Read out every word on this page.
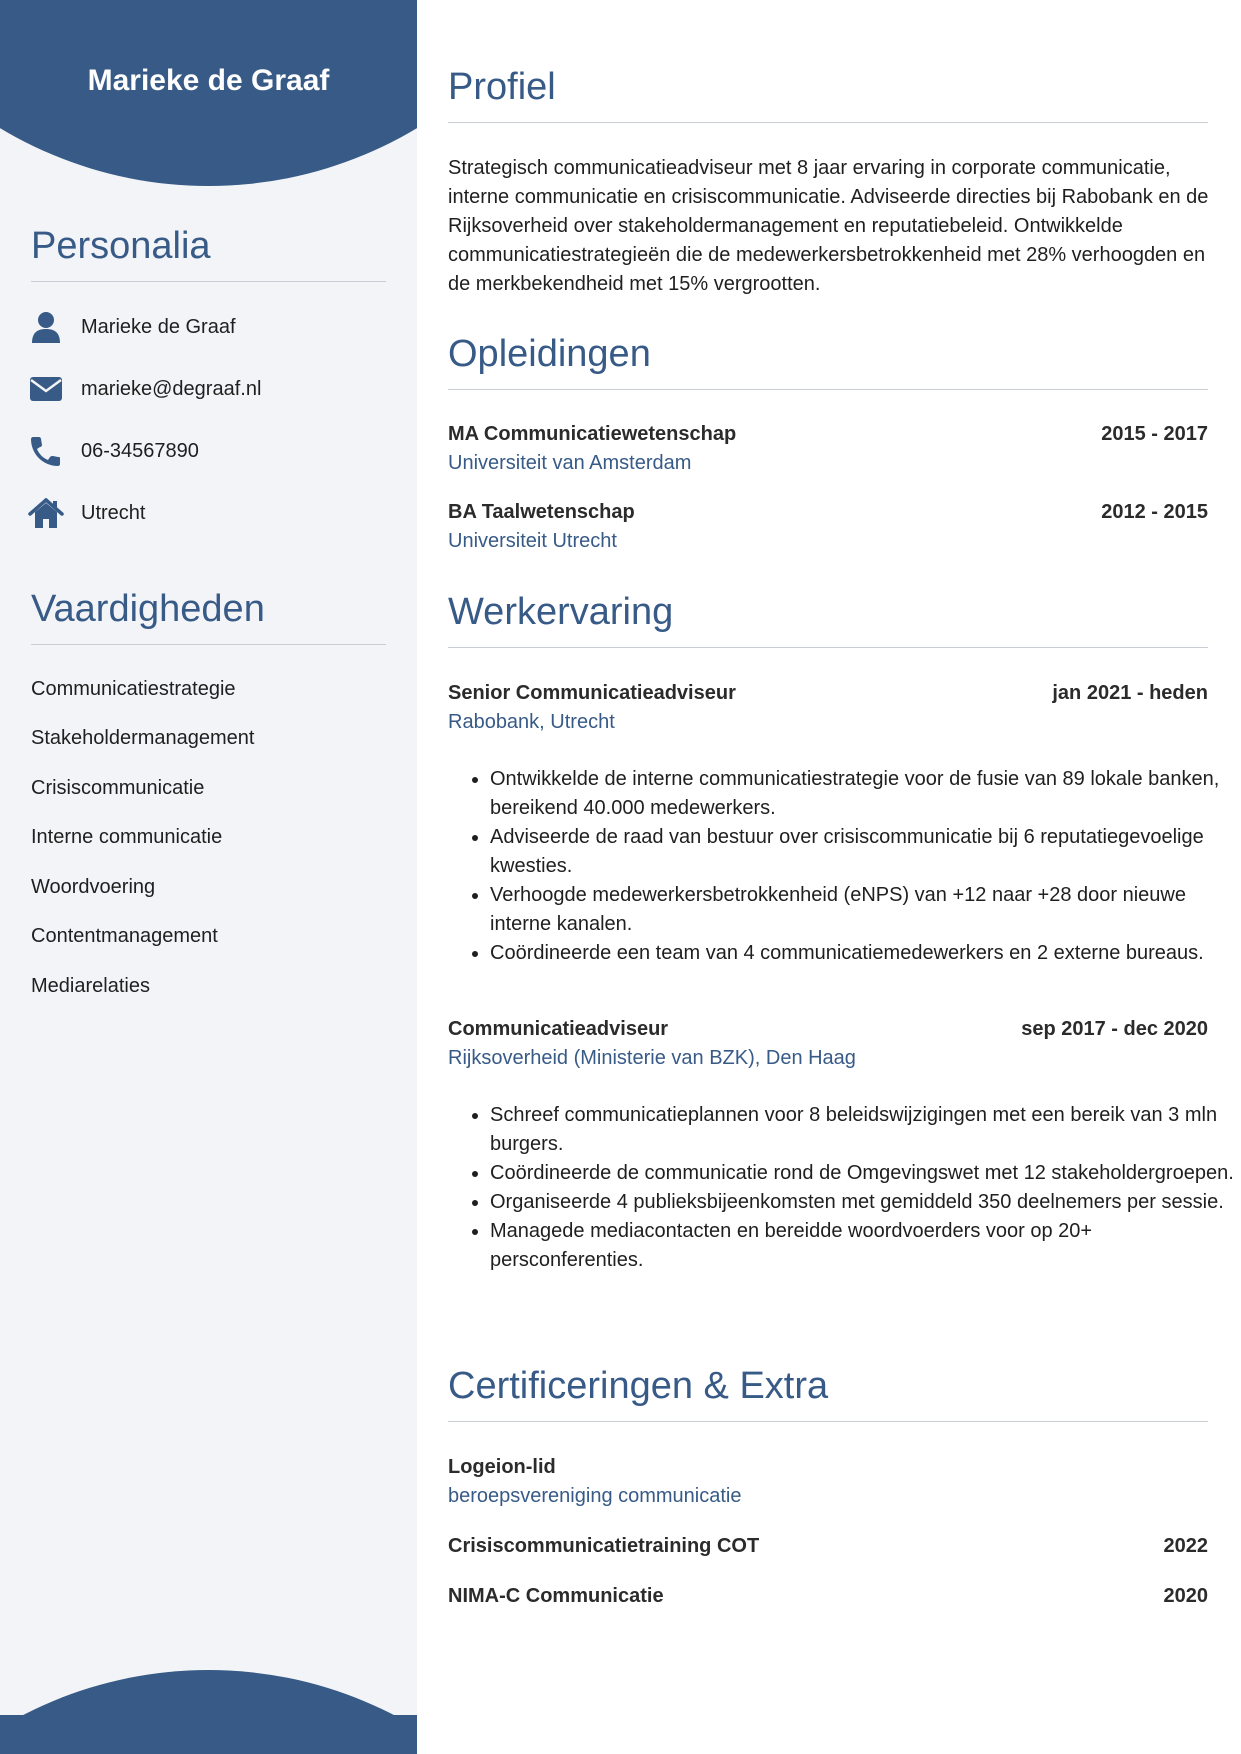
Marieke de Graaf
Personalia
Marieke de Graaf
marieke@degraaf.nl
06-34567890
Utrecht
Vaardigheden
Communicatiestrategie
Stakeholdermanagement
Crisiscommunicatie
Interne communicatie
Woordvoering
Contentmanagement
Mediarelaties
Profiel
Strategisch communicatieadviseur met 8 jaar ervaring in corporate communicatie, interne communicatie en crisiscommunicatie. Adviseerde directies bij Rabobank en de Rijksoverheid over stakeholdermanagement en reputatiebeleid. Ontwikkelde communicatiestrategieën die de medewerkersbetrokkenheid met 28% verhoogden en de merkbekendheid met 15% vergrootten.
Opleidingen
MA Communicatiewetenschap	2015 - 2017
Universiteit van Amsterdam
BA Taalwetenschap	2012 - 2015
Universiteit Utrecht
Werkervaring
Senior Communicatieadviseur	jan 2021 - heden
Rabobank, Utrecht
• Ontwikkelde de interne communicatiestrategie voor de fusie van 89 lokale banken, bereikend 40.000 medewerkers.
• Adviseerde de raad van bestuur over crisiscommunicatie bij 6 reputatiegevoelige kwesties.
• Verhoogde medewerkersbetrokkenheid (eNPS) van +12 naar +28 door nieuwe interne kanalen.
• Coördineerde een team van 4 communicatiemedewerkers en 2 externe bureaus.
Communicatieadviseur	sep 2017 - dec 2020
Rijksoverheid (Ministerie van BZK), Den Haag
• Schreef communicatieplannen voor 8 beleidswijzigingen met een bereik van 3 mln burgers.
• Coördineerde de communicatie rond de Omgevingswet met 12 stakeholdergroepen.
• Organiseerde 4 publieksbijeenkomsten met gemiddeld 350 deelnemers per sessie.
• Managede mediacontacten en bereidde woordvoerders voor op 20+ persconferenties.
Certificeringen & Extra
Logeion-lid
beroepsvereniging communicatie
Crisiscommunicatietraining COT	2022
NIMA-C Communicatie	2020
